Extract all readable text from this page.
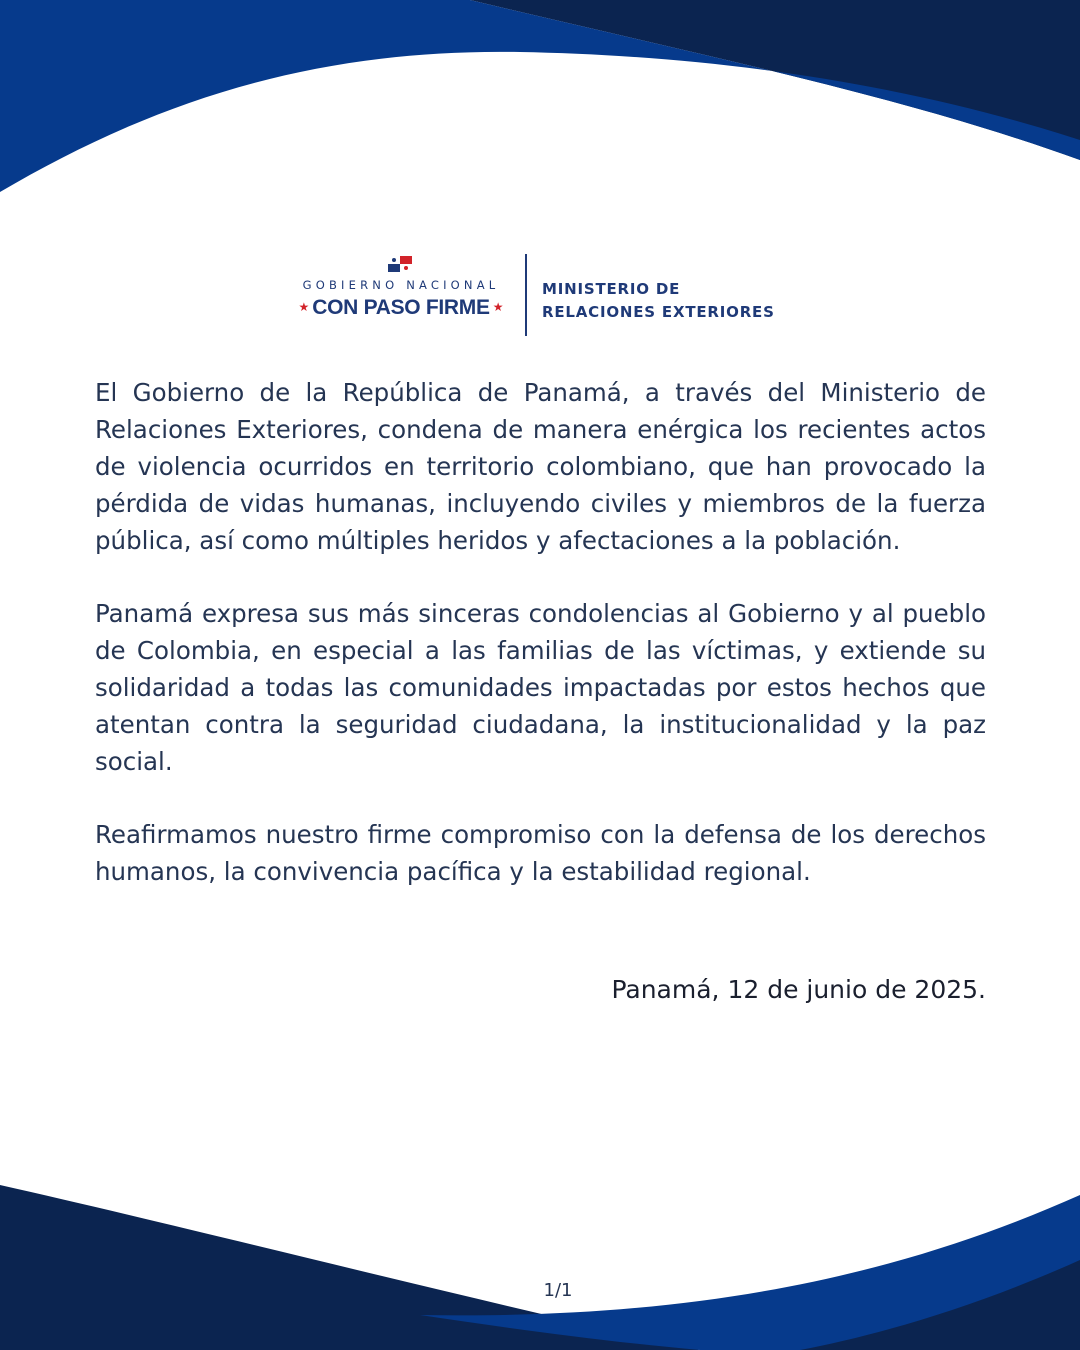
GOBIERNO NACIONAL
★ CON PASO FIRME ★
MINISTERIO DE
RELACIONES EXTERIORES

El Gobierno de la República de Panamá, a través del Ministerio de Relaciones Exteriores, condena de manera enérgica los recientes actos de violencia ocurridos en territorio colombiano, que han provocado la pérdida de vidas humanas, incluyendo civiles y miembros de la fuerza pública, así como múltiples heridos y afectaciones a la población.

Panamá expresa sus más sinceras condolencias al Gobierno y al pueblo de Colombia, en especial a las familias de las víctimas, y extiende su solidaridad a todas las comunidades impactadas por estos hechos que atentan contra la seguridad ciudadana, la institucionalidad y la paz social.

Reafirmamos nuestro firme compromiso con la defensa de los derechos humanos, la convivencia pacífica y la estabilidad regional.

Panamá, 12 de junio de 2025.
1/1
